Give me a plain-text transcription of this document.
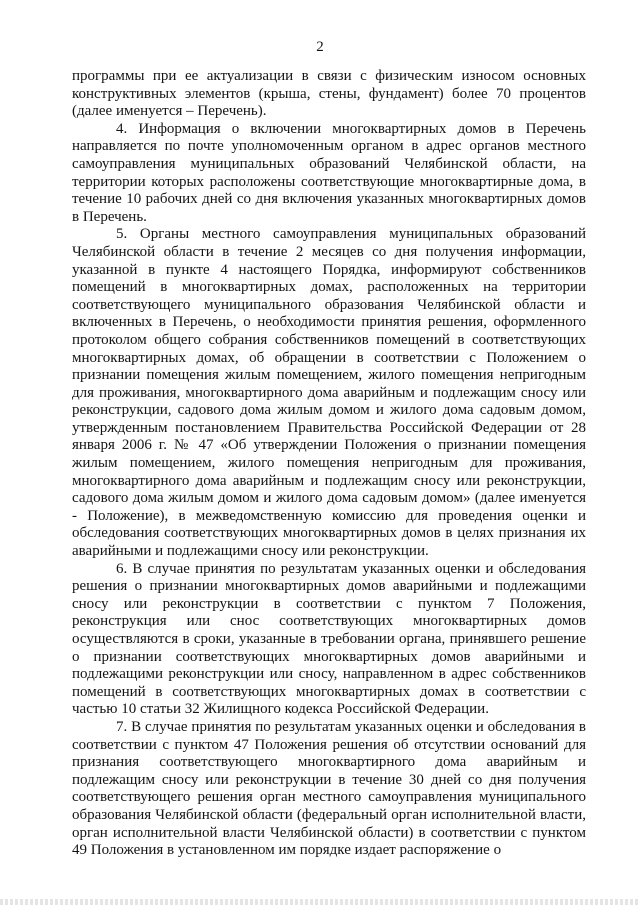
2

программы при ее актуализации в связи с физическим износом основных конструктивных элементов (крыша, стены, фундамент) более 70 процентов (далее именуется – Перечень).

4. Информация о включении многоквартирных домов в Перечень направляется по почте уполномоченным органом в адрес органов местного самоуправления муниципальных образований Челябинской области, на территории которых расположены соответствующие многоквартирные дома, в течение 10 рабочих дней со дня включения указанных многоквартирных домов в Перечень.

5. Органы местного самоуправления муниципальных образований Челябинской области в течение 2 месяцев со дня получения информации, указанной в пункте 4 настоящего Порядка, информируют собственников помещений в многоквартирных домах, расположенных на территории соответствующего муниципального образования Челябинской области и включенных в Перечень, о необходимости принятия решения, оформленного протоколом общего собрания собственников помещений в соответствующих многоквартирных домах, об обращении в соответствии с Положением о признании помещения жилым помещением, жилого помещения непригодным для проживания, многоквартирного дома аварийным и подлежащим сносу или реконструкции, садового дома жилым домом и жилого дома садовым домом, утвержденным постановлением Правительства Российской Федерации от 28 января 2006 г. № 47 «Об утверждении Положения о признании помещения жилым помещением, жилого помещения непригодным для проживания, многоквартирного дома аварийным и подлежащим сносу или реконструкции, садового дома жилым домом и жилого дома садовым домом» (далее именуется - Положение), в межведомственную комиссию для проведения оценки и обследования соответствующих многоквартирных домов в целях признания их аварийными и подлежащими сносу или реконструкции.

6. В случае принятия по результатам указанных оценки и обследования решения о признании многоквартирных домов аварийными и подлежащими сносу или реконструкции в соответствии с пунктом 7 Положения, реконструкция или снос соответствующих многоквартирных домов осуществляются в сроки, указанные в требовании органа, принявшего решение о признании соответствующих многоквартирных домов аварийными и подлежащими реконструкции или сносу, направленном в адрес собственников помещений в соответствующих многоквартирных домах в соответствии с частью 10 статьи 32 Жилищного кодекса Российской Федерации.

7. В случае принятия по результатам указанных оценки и обследования в соответствии с пунктом 47 Положения решения об отсутствии оснований для признания соответствующего многоквартирного дома аварийным и подлежащим сносу или реконструкции в течение 30 дней со дня получения соответствующего решения орган местного самоуправления муниципального образования Челябинской области (федеральный орган исполнительной власти, орган исполнительной власти Челябинской области) в соответствии с пунктом 49 Положения в установленном им порядке издает распоряжение о
